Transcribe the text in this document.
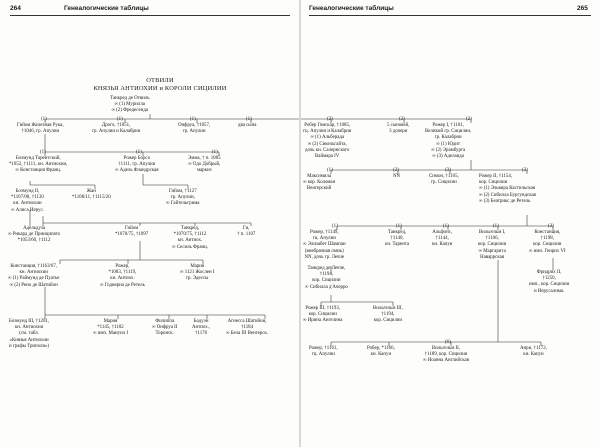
264	Генеалогические таблицы
ОТВИЛИ
КНЯЗЬЯ АНТИОХИИ и КОРОЛИ СИЦИЛИИ
Танкред де Отвиль
∞ (1) Мурилла
∞ (2) Фредесенда
(1)
Гийом Железная Рука,
†1046, гр. Апулии
(1)
Дрого, †1051,
гр. Апулии и Калабрии
(1)
Онфруа, †1057,
гр. Апулии
(1)
два сына
(1)
Боэмунд Тарентский,
*1052, †1111, кн. Антиохии,
∞ Констанция Франц.
(1)
Рожер Борса
†1111, гр. Апулии
∞ Адель Фландрская
(1)
Эмма, † п. 1085
∞ Одо Добрый,
маркиз
Боэмунд II,
*1107/08, †1130
кн. Антиохии
∞ Алиса Иерус.
Жан
*1108/11, †1115/20
Гийом, †1127
гр. Апулии,
∞ Гайтельгрима
Адельдуза
∞ Рикард де Принципато
*1053/60, †1112
Гийом
*1070/75, †1097
Танкред,
*1070/75, †1112
кн. Антиох.
∞ Сесиль Франц.
Ги,
† п. 1107
Констанция, †1163/67,
кн. Антиохии
∞ (1) Раймунд де Пуатье
∞ (2) Рено де Шатийон
Рожер,
*1083, †1119,
кн. Антиох.
∞ Годиерна де Ретель
Мария
∞ 1121 Жослен I
гр. Эдессы
Боэмунд III, †1201,
кн. Антиохии
(см. табл.
«Князья Антиохии
и графы Триполи»)
Мария
*1145, †1182
∞ имп. Мануил I
Филиппа
∞ Онфруа II
Торонск.
Бодуэн
Антиох.,
†1176
Агнесса Шатийон,
†1184
∞ Бела III Венгерск.
Генеалогические таблицы	265
(2)
Робер Гвискар, †1085,
гц. Апулии и Калабрии
∞ (1) Альберада
∞ (2) Сикельгайта,
дочь кн. Салернского
Ваймара IV
(2)
5 сыновей,
3 дочери
(2)
Рожер I, †1101,
Великий гр. Сицилии,
гр. Калабрии
∞ (1) Юдит
∞ (2) Эрамбурга
∞ (3) Аделаида
(1)
Максимила
∞ кор. Коломан
Венгерский
(2)
NN
(3)
Симон, †1105,
гр. Сицилии
(3)
Рожер II, †1154,
кор. Сицилии
∞ (1) Эльвира Кастильская
∞ (2) Сибилла Бургундская
∞ (3) Беатрикс де Ретель
(1)
Рожер, †1149,
гц. Апулии
∞ Элизабет Шампан
(внебрачная связь)
NN, дочь гр. Лечче
(1)
Танкред,
†1140,
кн. Тарента
(1)
Альфонс,
†1144,
кн. Капуи
(1)
Вильгельм I,
†1166,
кор. Сицилии
∞ Маргарита
Наваррская
(3)
Констанция,
†1198,
кор. Сицилии
∞ имп. Генрих VI
Танкред де Лечче,
†1194,
кор. Сицилии
∞ Сибилла д'Ачерро
Фридрих II,
†1250,
имп., кор. Сицилии
и Иерусалима.
Рожер III, †1193,
кор. Сицилии
∞ Ирина Ангелина
Вильгельм III,
†1194,
кор. Сицилии
Рожер, †1161,
гц. Апулии
Робер, *1166,
кн. Капуи
(6)
Вильгельм II,
†1189, кор. Сицилии
∞ Иоанна Английская
Анри, †1172,
кн. Капуи
